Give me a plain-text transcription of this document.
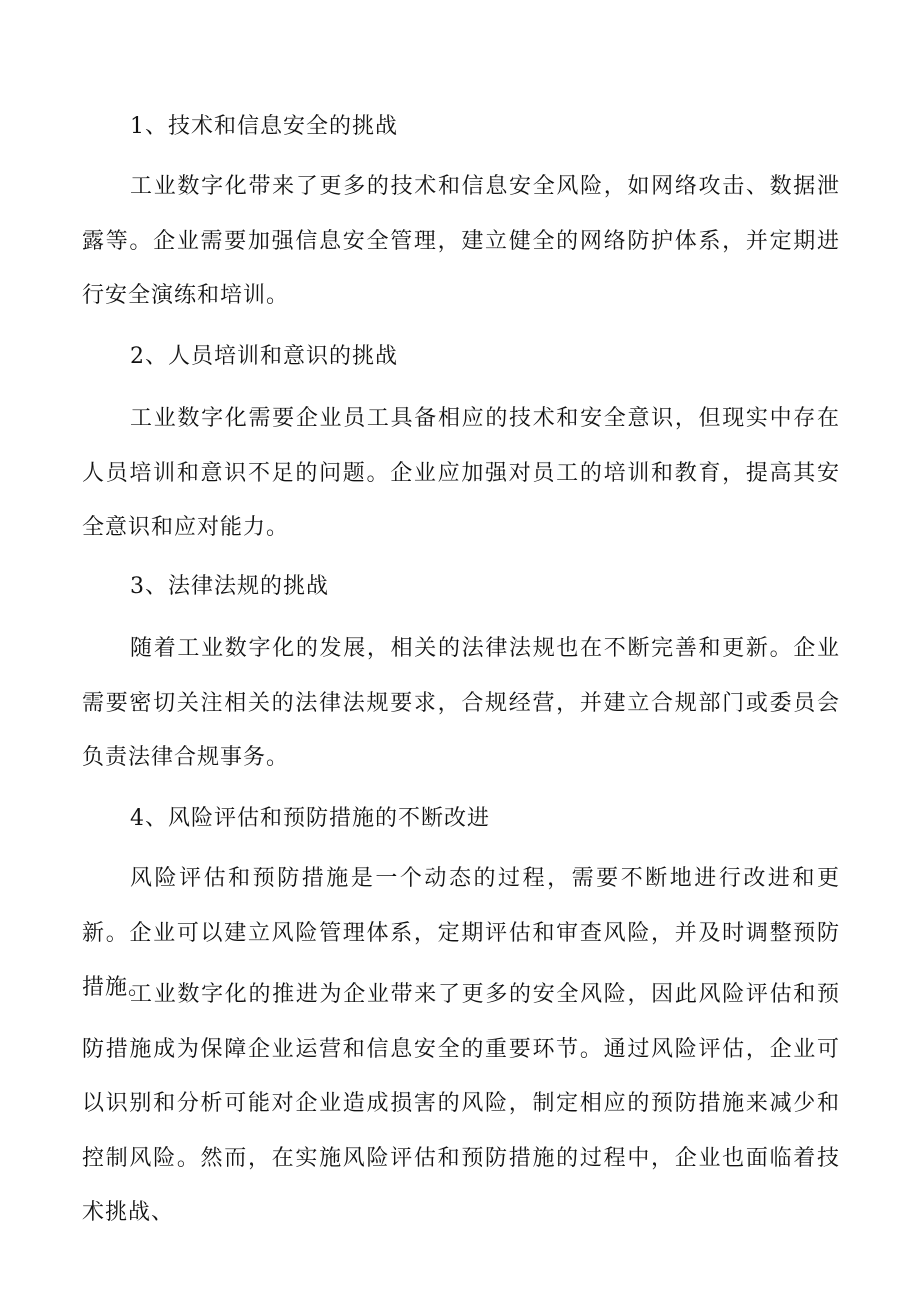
1、技术和信息安全的挑战

工业数字化带来了更多的技术和信息安全风险，如网络攻击、数据泄露等。企业需要加强信息安全管理，建立健全的网络防护体系，并定期进行安全演练和培训。

2、人员培训和意识的挑战

工业数字化需要企业员工具备相应的技术和安全意识，但现实中存在人员培训和意识不足的问题。企业应加强对员工的培训和教育，提高其安全意识和应对能力。

3、法律法规的挑战

随着工业数字化的发展，相关的法律法规也在不断完善和更新。企业需要密切关注相关的法律法规要求，合规经营，并建立合规部门或委员会负责法律合规事务。

4、风险评估和预防措施的不断改进

风险评估和预防措施是一个动态的过程，需要不断地进行改进和更新。企业可以建立风险管理体系，定期评估和审查风险，并及时调整预防措施。

工业数字化的推进为企业带来了更多的安全风险，因此风险评估和预防措施成为保障企业运营和信息安全的重要环节。通过风险评估，企业可以识别和分析可能对企业造成损害的风险，制定相应的预防措施来减少和控制风险。然而，在实施风险评估和预防措施的过程中，企业也面临着技术挑战、
